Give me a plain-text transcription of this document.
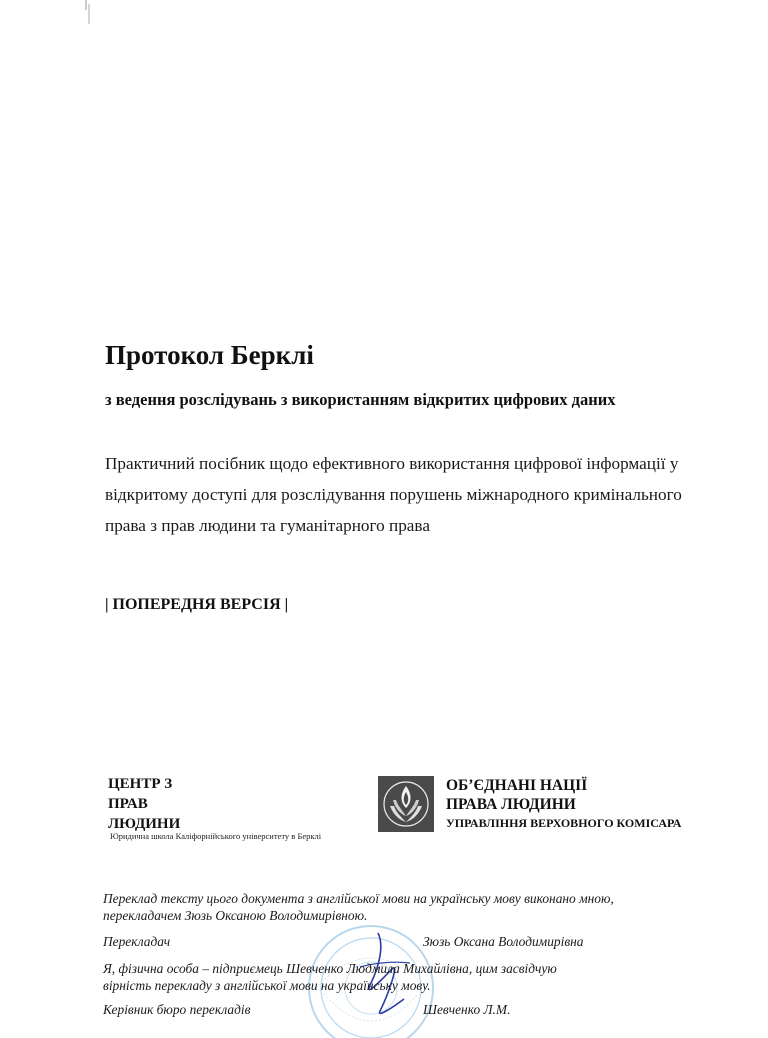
Протокол Берклі
з ведення розслідувань з використанням відкритих цифрових даних
Практичний посібник щодо ефективного використання цифрової інформації у
відкритому доступі для розслідування порушень міжнародного кримінального
права з прав людини та гуманітарного права
| ПОПЕРЕДНЯ ВЕРСІЯ |
ЦЕНТР З
ПРАВ
ЛЮДИНИ
Юридична школа Каліфорнійського університету в Берклі
ОБ’ЄДНАНІ НАЦІЇ
ПРАВА ЛЮДИНИ
УПРАВЛІННЯ ВЕРХОВНОГО КОМІСАРА
Переклад тексту цього документа з англійської мови на українську мову виконано мною,
перекладачем Зюзь Оксаною Володимирівною.
Перекладач	Зюзь Оксана Володимирівна
Я, фізична особа – підприємець Шевченко Людмила Михайлівна, цим засвідчую
вірність перекладу з англійської мови на українську мову.
Керівник бюро перекладів	Шевченко Л.М.
